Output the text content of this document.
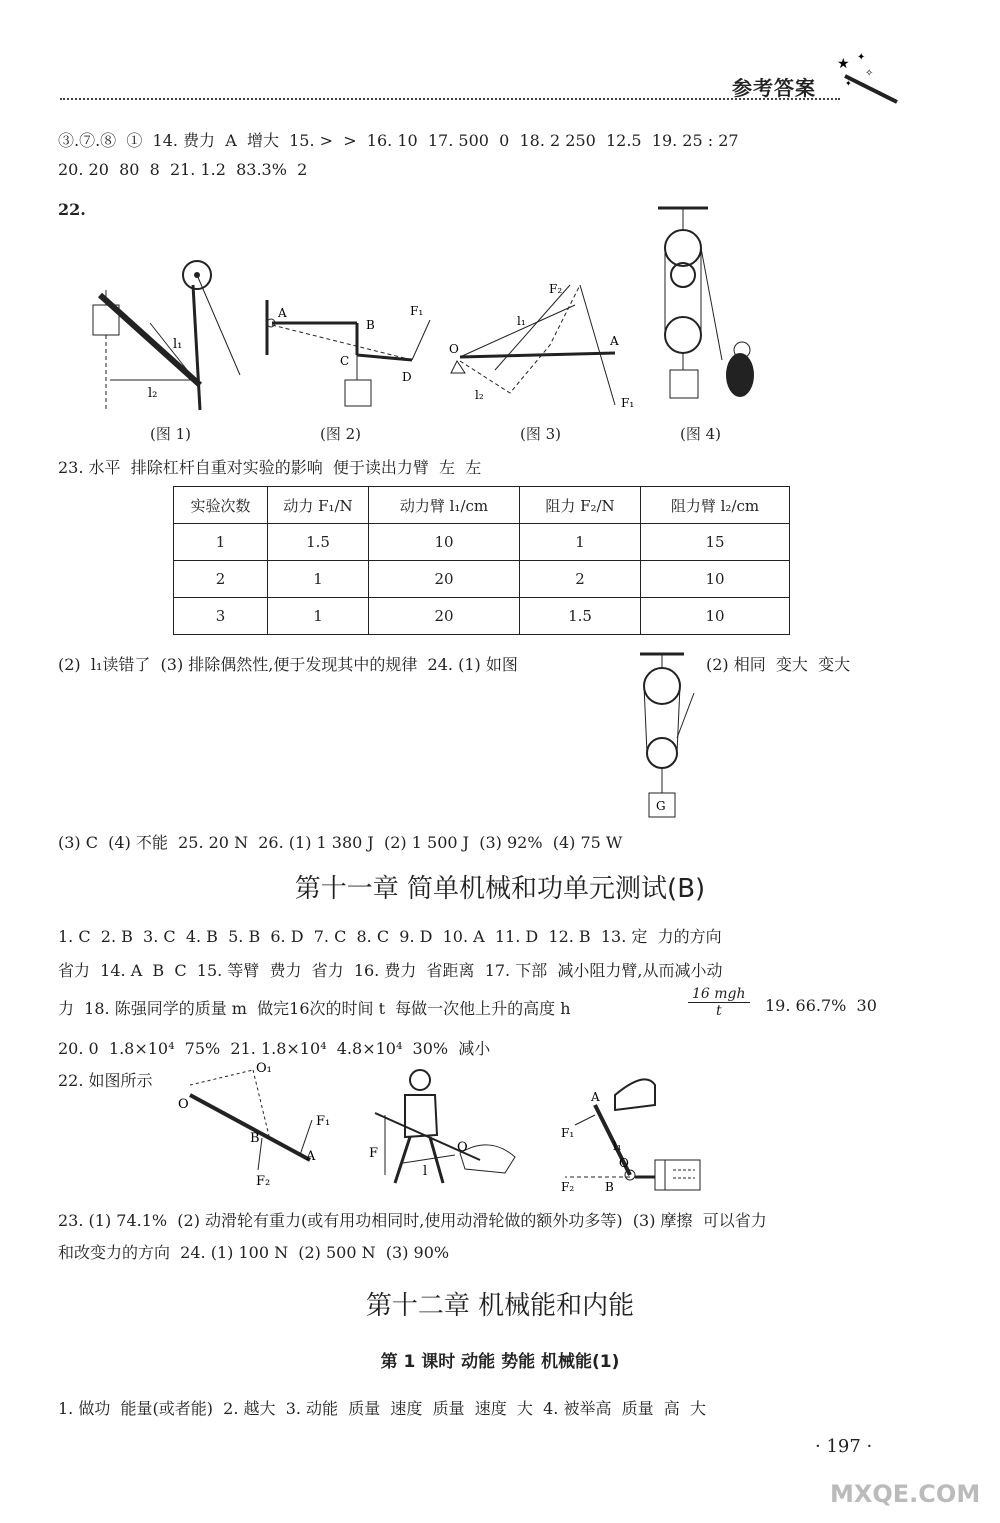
参考答案
★ ✦
✧
✦
③.⑦.⑧  ①  14. 费力  A  增大  15. >  >  16. 10  17. 500  0  18. 2 250  12.5  19. 25 : 27
20. 20  80  8  21. 1.2  83.3%  2
22.
l₁
l₂
(图 1)
A
B
C
D
F₁
(图 2)
O
l₁
l₂
F₂
F₁
A
(图 3)	(图 4)
23. 水平  排除杠杆自重对实验的影响  便于读出力臂  左  左
实验次数	动力 F₁/N	动力臂 l₁/cm	阻力 F₂/N	阻力臂 l₂/cm
1	1.5	10	1	15
2	1	20	2	10
3	1	20	1.5	10
(2)  l₁读错了  (3) 排除偶然性,便于发现其中的规律  24. (1) 如图	(2) 相同  变大  变大
G
(3) C  (4) 不能  25. 20 N  26. (1) 1 380 J  (2) 1 500 J  (3) 92%  (4) 75 W
第十一章 简单机械和功单元测试(B)
1. C  2. B  3. C  4. B  5. B  6. D  7. C  8. C  9. D  10. A  11. D  12. B  13. 定  力的方向
省力  14. A  B  C  15. 等臂  费力  省力  16. 费力  省距离  17. 下部  减小阻力臂,从而减小动
力  18. 陈强同学的质量 m  做完16次的时间 t  每做一次他上升的高度 h
16 mgh
t	19. 66.7%  30
20. 0  1.8×10⁴  75%  21. 1.8×10⁴  4.8×10⁴  30%  减小
22. 如图所示
O
O₁
B
A
F₁
F₂
F
l
O
A
F₁
l₁
O
B
F₂
23. (1) 74.1%  (2) 动滑轮有重力(或有用功相同时,使用动滑轮做的额外功多等)  (3) 摩擦  可以省力
和改变力的方向  24. (1) 100 N  (2) 500 N  (3) 90%
第十二章 机械能和内能
第 1 课时 动能 势能 机械能(1)
1. 做功  能量(或者能)  2. 越大  3. 动能  质量  速度  质量  速度  大  4. 被举高  质量  高  大
· 197 ·
MXQE.COM
